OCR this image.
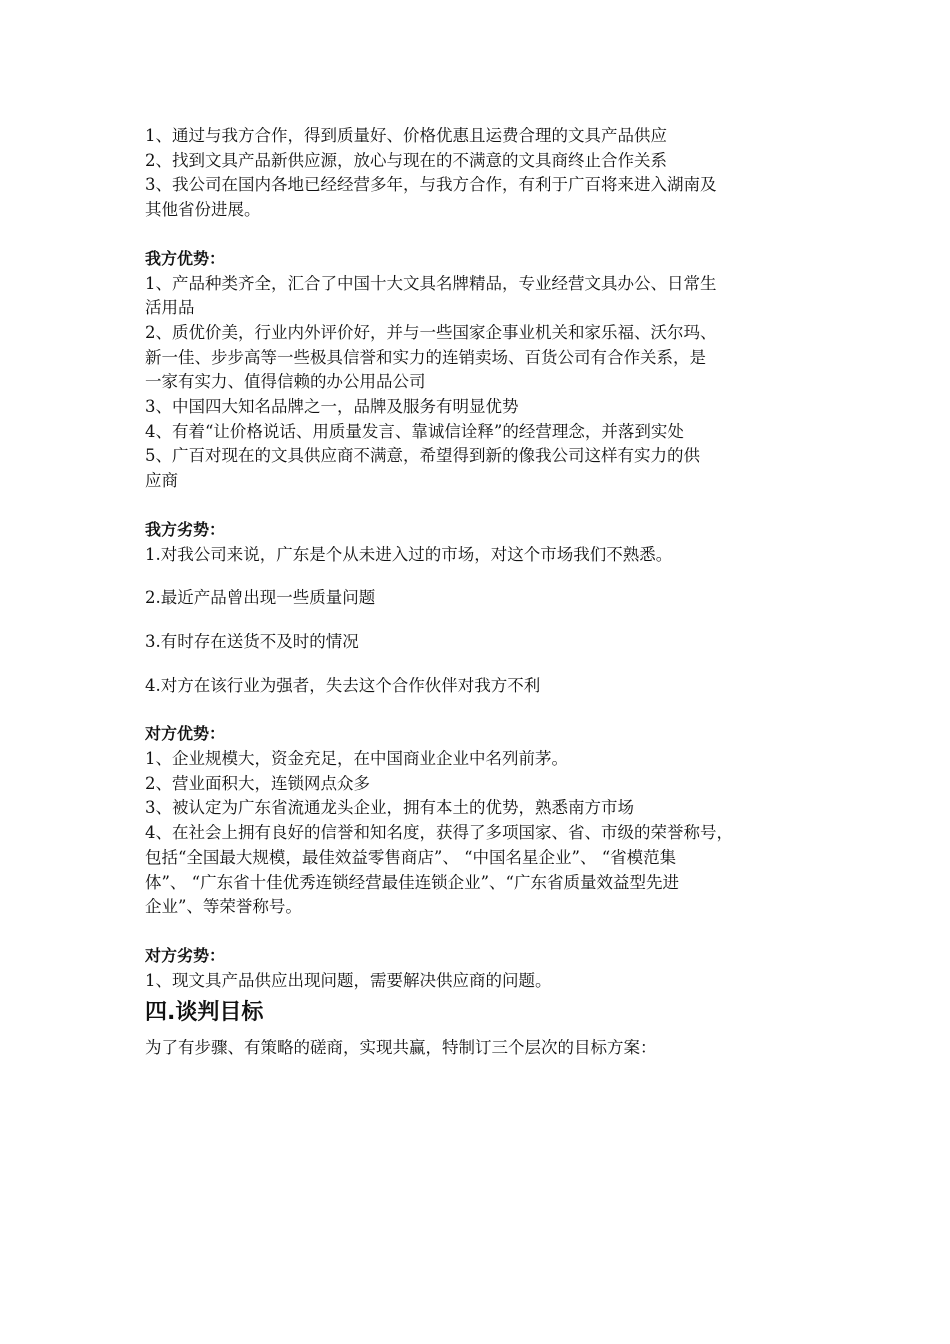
1、通过与我方合作，得到质量好、价格优惠且运费合理的文具产品供应
2、找到文具产品新供应源，放心与现在的不满意的文具商终止合作关系
3、我公司在国内各地已经经营多年，与我方合作，有利于广百将来进入湖南及
其他省份进展。
我方优势：
1、产品种类齐全，汇合了中国十大文具名牌精品，专业经营文具办公、日常生
活用品
2、质优价美，行业内外评价好，并与一些国家企事业机关和家乐福、沃尔玛、
新一佳、步步高等一些极具信誉和实力的连销卖场、百货公司有合作关系，是
一家有实力、值得信赖的办公用品公司
3、中国四大知名品牌之一，品牌及服务有明显优势
4、有着“让价格说话、用质量发言、靠诚信诠释”的经营理念，并落到实处
5、广百对现在的文具供应商不满意，希望得到新的像我公司这样有实力的供
应商
我方劣势：
1.对我公司来说，广东是个从未进入过的市场，对这个市场我们不熟悉。
2.最近产品曾出现一些质量问题
3.有时存在送货不及时的情况
4.对方在该行业为强者，失去这个合作伙伴对我方不利
对方优势：
1、企业规模大，资金充足，在中国商业企业中名列前茅。
2、营业面积大，连锁网点众多
3、被认定为广东省流通龙头企业，拥有本土的优势，熟悉南方市场
4、在社会上拥有良好的信誉和知名度，获得了多项国家、省、市级的荣誉称号，
包括“全国最大规模，最佳效益零售商店”、 “中国名星企业”、 “省模范集
体”、 “广东省十佳优秀连锁经营最佳连锁企业”、“广东省质量效益型先进
企业”、等荣誉称号。
对方劣势：
1、现文具产品供应出现问题，需要解决供应商的问题。
四.谈判目标
为了有步骤、有策略的磋商，实现共赢，特制订三个层次的目标方案：
